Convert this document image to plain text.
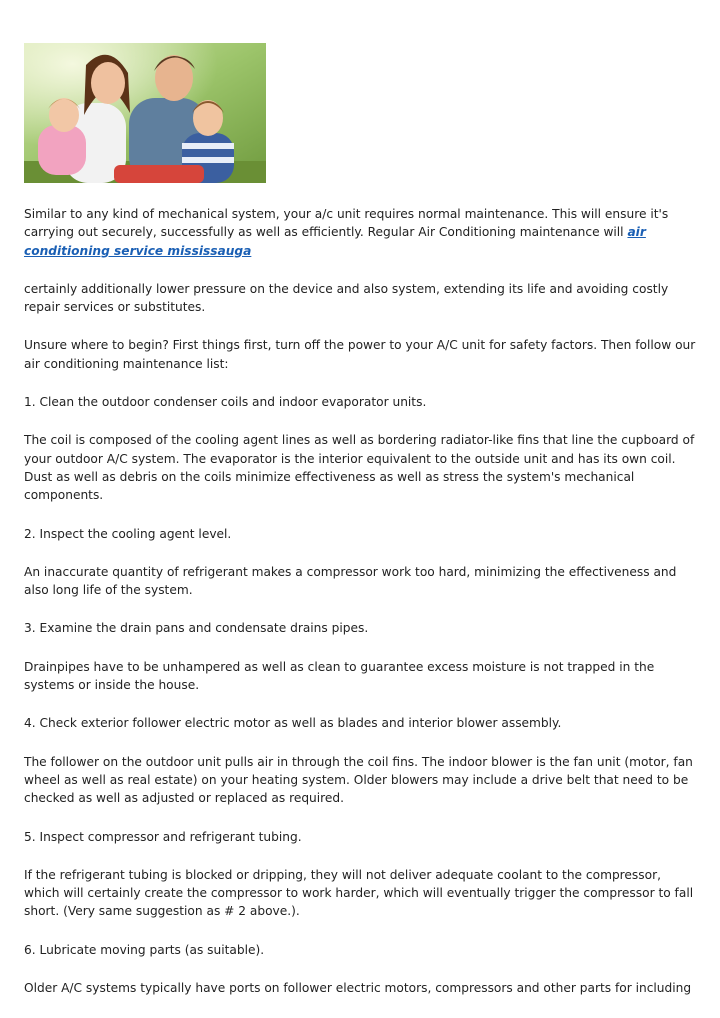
Similar to any kind of mechanical system, your a/c unit requires normal maintenance. This will ensure it's carrying out securely, successfully as well as efficiently. Regular Air Conditioning maintenance will air conditioning service mississauga

certainly additionally lower pressure on the device and also system, extending its life and avoiding costly repair services or substitutes.

Unsure where to begin? First things first, turn off the power to your A/C unit for safety factors. Then follow our air conditioning maintenance list:

1. Clean the outdoor condenser coils and indoor evaporator units.

The coil is composed of the cooling agent lines as well as bordering radiator-like fins that line the cupboard of your outdoor A/C system. The evaporator is the interior equivalent to the outside unit and has its own coil. Dust as well as debris on the coils minimize effectiveness as well as stress the system's mechanical components.

2. Inspect the cooling agent level.

An inaccurate quantity of refrigerant makes a compressor work too hard, minimizing the effectiveness and also long life of the system.

3. Examine the drain pans and condensate drains pipes.

Drainpipes have to be unhampered as well as clean to guarantee excess moisture is not trapped in the systems or inside the house.

4. Check exterior follower electric motor as well as blades and interior blower assembly.

The follower on the outdoor unit pulls air in through the coil fins. The indoor blower is the fan unit (motor, fan wheel as well as real estate) on your heating system. Older blowers may include a drive belt that need to be checked as well as adjusted or replaced as required.

5. Inspect compressor and refrigerant tubing.

If the refrigerant tubing is blocked or dripping, they will not deliver adequate coolant to the compressor, which will certainly create the compressor to work harder, which will eventually trigger the compressor to fall short. (Very same suggestion as # 2 above.).

6. Lubricate moving parts (as suitable).

Older A/C systems typically have ports on follower electric motors, compressors and other parts for including
